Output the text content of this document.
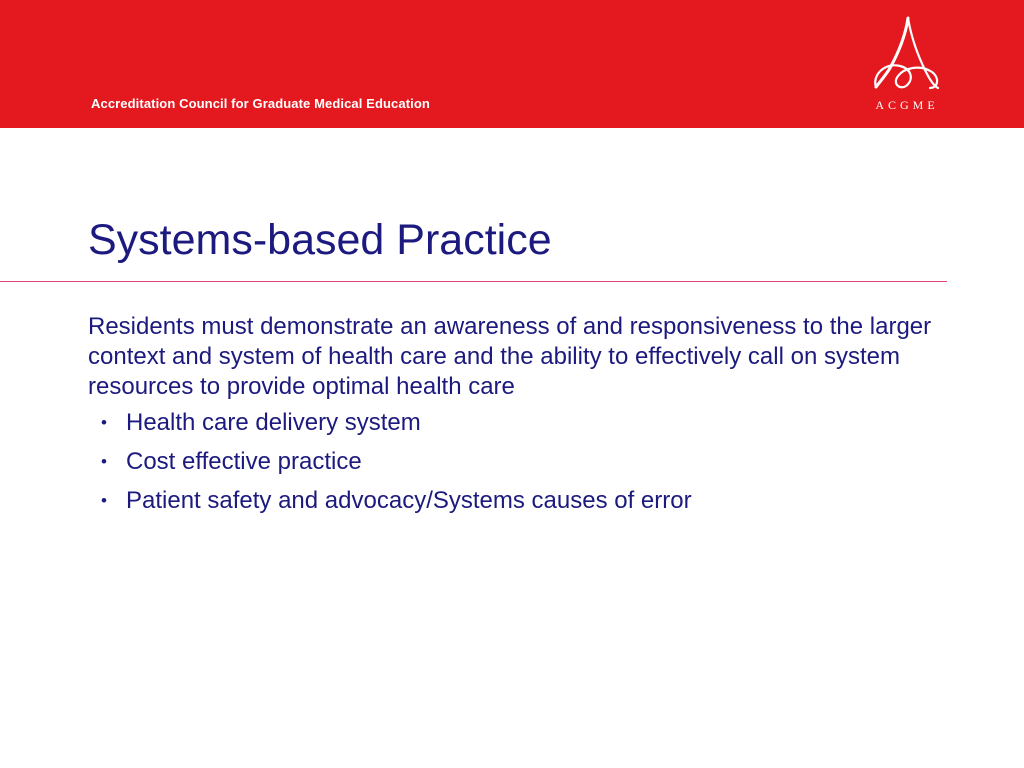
Accreditation Council for Graduate Medical Education	ACGME
Systems-based Practice

Residents must demonstrate an awareness of and responsiveness to the larger context and system of health care and the ability to effectively call on system resources to provide optimal health care

• Health care delivery system
• Cost effective practice
• Patient safety and advocacy/Systems causes of error
